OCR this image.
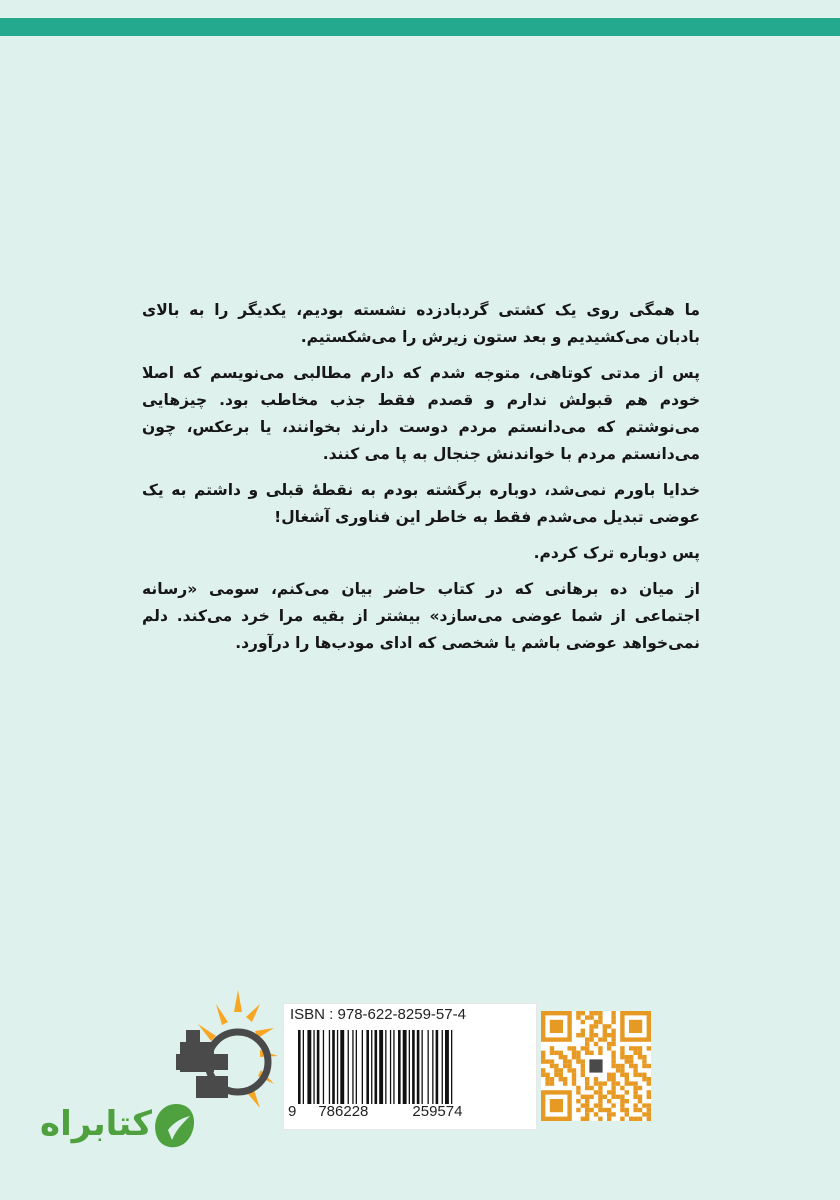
ما همگی روی یک کشتی گردبادزده نشسته بودیم، یکدیگر را به بالای بادبان می‌کشیدیم و بعد ستون زیرش را می‌شکستیم.

پس از مدتی کوتاهی، متوجه شدم که دارم مطالبی می‌نویسم که اصلا خودم هم قبولش ندارم و قصدم فقط جذب مخاطب بود. چیزهایی می‌نوشتم که می‌دانستم مردم دوست دارند بخوانند، یا برعکس، چون می‌دانستم مردم با خواندنش جنجال به پا می کنند.

خدایا باورم نمی‌شد، دوباره برگشته بودم به نقطهٔ قبلی و داشتم به یک عوضی تبدیل می‌شدم فقط به خاطر این فناوری آشغال!

پس دوباره ترک کردم.

از میان ده برهانی که در کتاب حاضر بیان می‌کنم، سومی «رسانه اجتماعی از شما عوضی می‌سازد» بیشتر از بقیه مرا خرد می‌کند. دلم نمی‌خواهد عوضی باشم یا شخصی که ادای مودب‌ها را درآورد.

کتابراه
ISBN : 978-622-8259-57-4
9 786228	259574
